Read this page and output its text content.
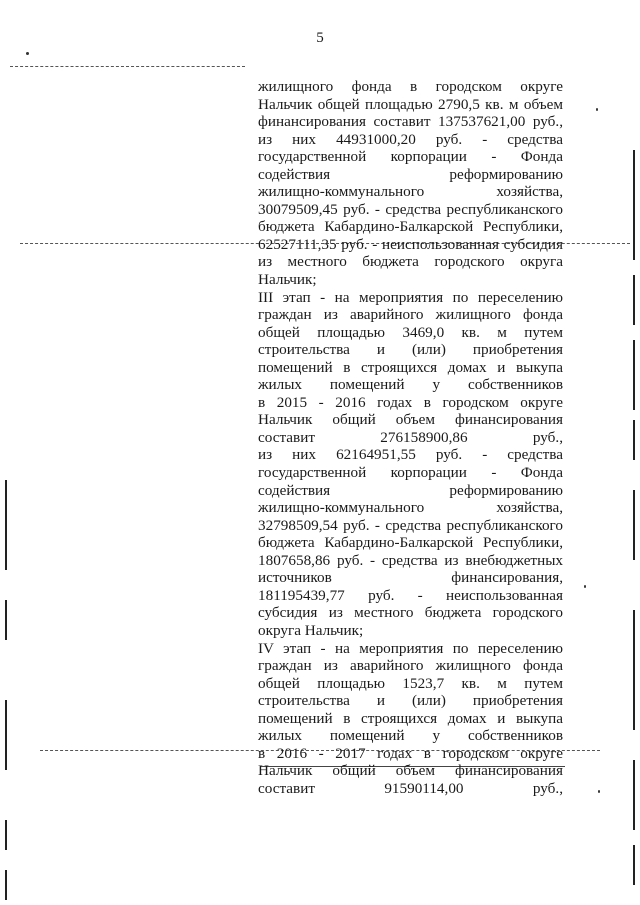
5

жилищного фонда в городском округе

Нальчик общей площадью 2790,5 кв. м объем

финансирования составит 137537621,00 руб.,

из них 44931000,20 руб. - средства

государственной корпорации - Фонда

содействия реформированию

жилищно-коммунального хозяйства,

30079509,45 руб. - средства республиканского

бюджета Кабардино-Балкарской Республики,

62527111,35 руб. - неиспользованная субсидия

из местного бюджета городского округа

Нальчик;

III этап - на мероприятия по переселению

граждан из аварийного жилищного фонда

общей площадью 3469,0 кв. м путем

строительства и (или) приобретения

помещений в строящихся домах и выкупа

жилых помещений у собственников

в 2015 - 2016 годах в городском округе

Нальчик общий объем финансирования

составит 276158900,86 руб.,

из них 62164951,55 руб. - средства

государственной корпорации - Фонда

содействия реформированию

жилищно-коммунального хозяйства,

32798509,54 руб. - средства республиканского

бюджета Кабардино-Балкарской Республики,

1807658,86 руб. - средства из внебюджетных

источников финансирования,

181195439,77 руб. - неиспользованная

субсидия из местного бюджета городского

округа Нальчик;

IV этап - на мероприятия по переселению

граждан из аварийного жилищного фонда

общей площадью 1523,7 кв. м путем

строительства и (или) приобретения

помещений в строящихся домах и выкупа

жилых помещений у собственников

в 2016 - 2017 годах в городском округе

Нальчик общий объем финансирования

составит 91590114,00 руб.,
